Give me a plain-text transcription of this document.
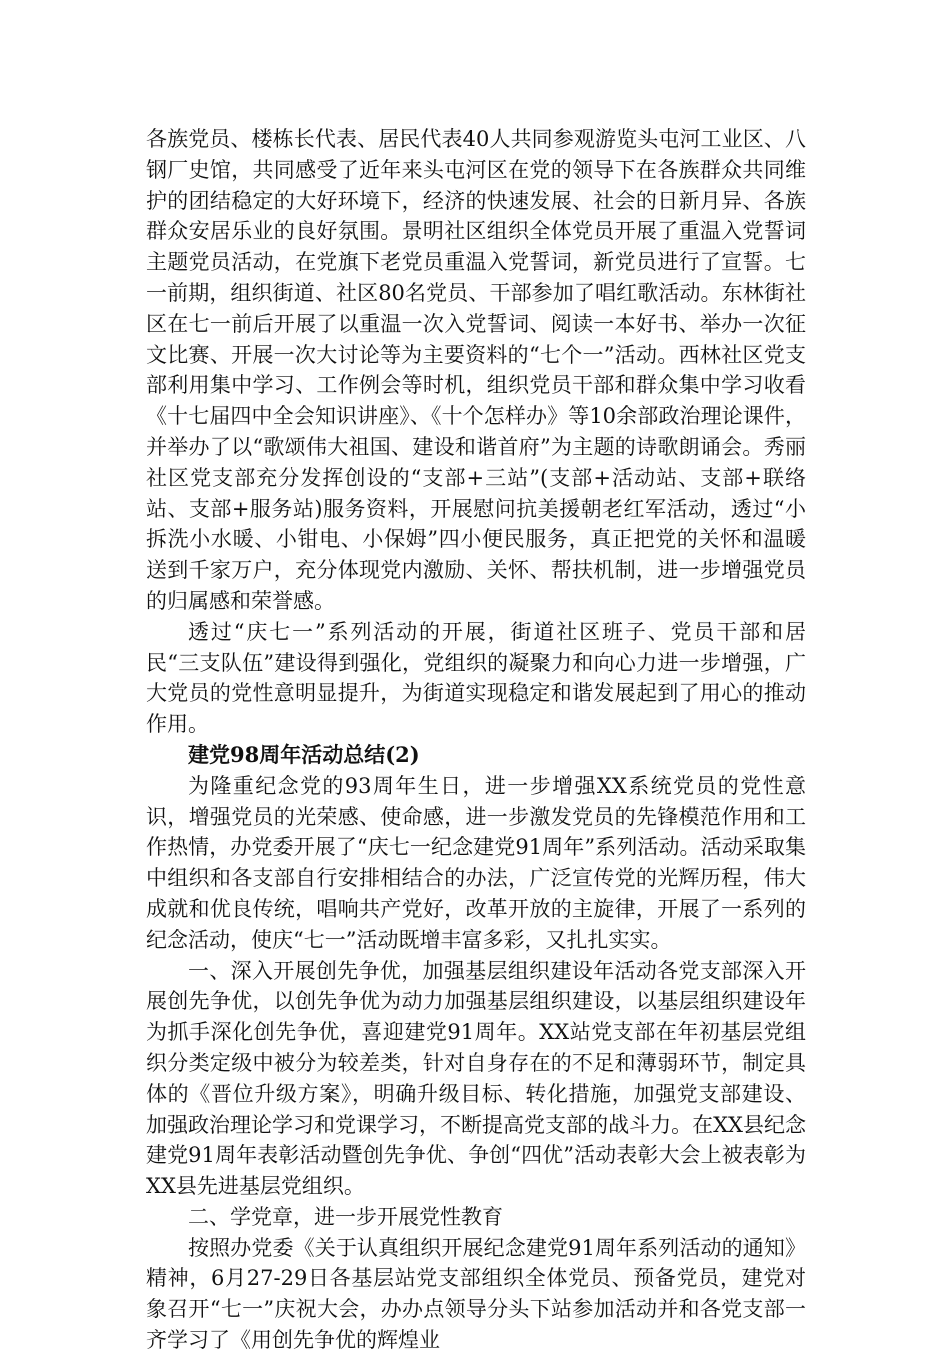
各族党员、楼栋长代表、居民代表40人共同参观游览头屯河工业区、八钢厂史馆，共同感受了近年来头屯河区在党的领导下在各族群众共同维护的团结稳定的大好环境下，经济的快速发展、社会的日新月异、各族群众安居乐业的良好氛围。景明社区组织全体党员开展了重温入党誓词主题党员活动，在党旗下老党员重温入党誓词，新党员进行了宣誓。七一前期，组织街道、社区80名党员、干部参加了唱红歌活动。东林街社区在七一前后开展了以重温一次入党誓词、阅读一本好书、举办一次征文比赛、开展一次大讨论等为主要资料的“七个一”活动。西林社区党支部利用集中学习、工作例会等时机，组织党员干部和群众集中学习收看《十七届四中全会知识讲座》、《十个怎样办》等10余部政治理论课件，并举办了以“歌颂伟大祖国、建设和谐首府”为主题的诗歌朗诵会。秀丽社区党支部充分发挥创设的“支部+三站”(支部+活动站、支部+联络站、支部+服务站)服务资料，开展慰问抗美援朝老红军活动，透过“小拆洗小水暖、小钳电、小保姆”四小便民服务，真正把党的关怀和温暖送到千家万户，充分体现党内激励、关怀、帮扶机制，进一步增强党员的归属感和荣誉感。

透过“庆七一”系列活动的开展，街道社区班子、党员干部和居民“三支队伍”建设得到强化，党组织的凝聚力和向心力进一步增强，广大党员的党性意明显提升，为街道实现稳定和谐发展起到了用心的推动作用。

建党98周年活动总结(2)

为隆重纪念党的93周年生日，进一步增强XX系统党员的党性意识，增强党员的光荣感、使命感，进一步激发党员的先锋模范作用和工作热情，办党委开展了“庆七一纪念建党91周年”系列活动。活动采取集中组织和各支部自行安排相结合的办法，广泛宣传党的光辉历程，伟大成就和优良传统，唱响共产党好，改革开放的主旋律，开展了一系列的纪念活动，使庆“七一”活动既增丰富多彩，又扎扎实实。

一、深入开展创先争优，加强基层组织建设年活动各党支部深入开展创先争优，以创先争优为动力加强基层组织建设，以基层组织建设年为抓手深化创先争优，喜迎建党91周年。XX站党支部在年初基层党组织分类定级中被分为较差类，针对自身存在的不足和薄弱环节，制定具体的《晋位升级方案》，明确升级目标、转化措施，加强党支部建设、加强政治理论学习和党课学习，不断提高党支部的战斗力。在XX县纪念建党91周年表彰活动暨创先争优、争创“四优”活动表彰大会上被表彰为XX县先进基层党组织。

二、学党章，进一步开展党性教育

按照办党委《关于认真组织开展纪念建党91周年系列活动的通知》精神，6月27-29日各基层站党支部组织全体党员、预备党员，建党对象召开“七一”庆祝大会，办办点领导分头下站参加活动并和各党支部一齐学习了《用创先争优的辉煌业
